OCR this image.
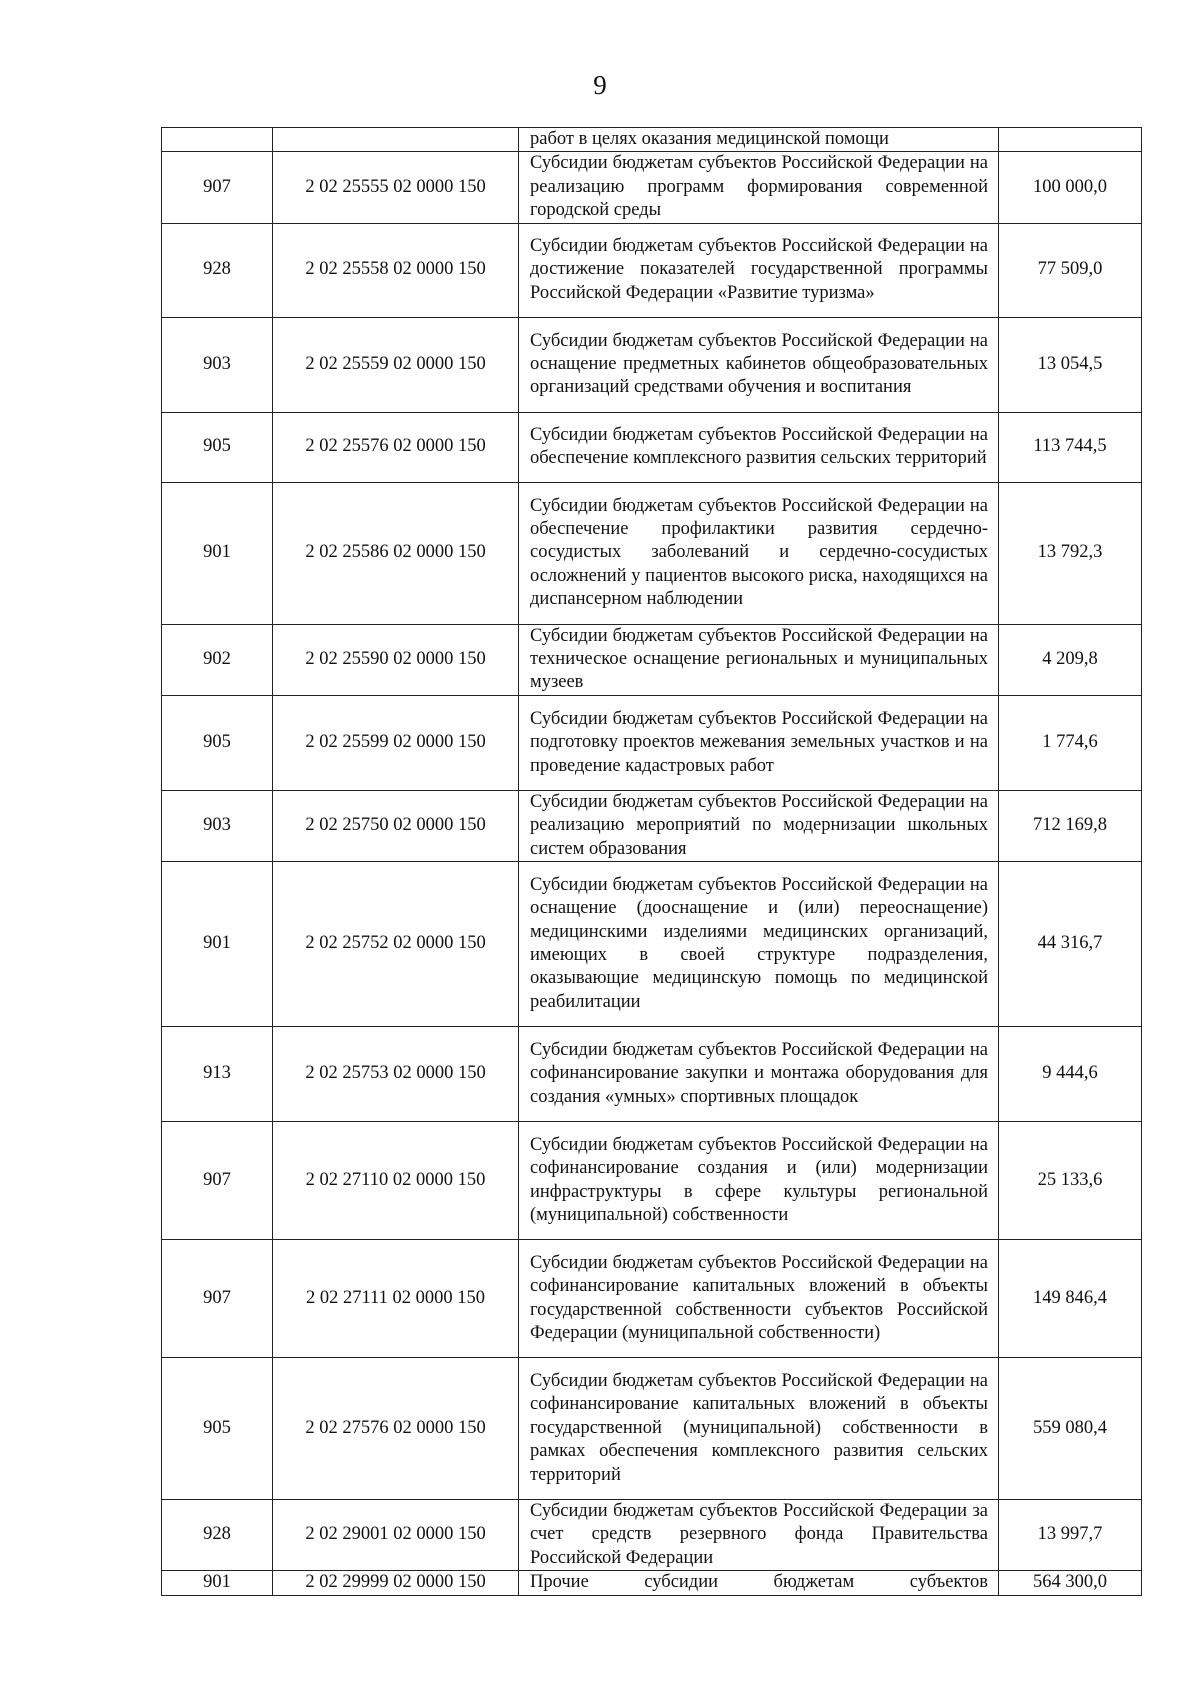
9
		работ в целях оказания медицинской помощи	
907	2 02 25555 02 0000 150	Субсидии бюджетам субъектов Российской Федерации на реализацию программ формирования современной городской среды	100 000,0
928	2 02 25558 02 0000 150	Субсидии бюджетам субъектов Российской Федерации на достижение показателей государственной программы Российской Федерации «Развитие туризма»	77 509,0
903	2 02 25559 02 0000 150	Субсидии бюджетам субъектов Российской Федерации на оснащение предметных кабинетов общеобразовательных организаций средствами обучения и воспитания	13 054,5
905	2 02 25576 02 0000 150	Субсидии бюджетам субъектов Российской Федерации на обеспечение комплексного развития сельских территорий	113 744,5
901	2 02 25586 02 0000 150	Субсидии бюджетам субъектов Российской Федерации на обеспечение профилактики развития сердечно-сосудистых заболеваний и сердечно-сосудистых осложнений у пациентов высокого риска, находящихся на диспансерном наблюдении	13 792,3
902	2 02 25590 02 0000 150	Субсидии бюджетам субъектов Российской Федерации на техническое оснащение региональных и муниципальных музеев	4 209,8
905	2 02 25599 02 0000 150	Субсидии бюджетам субъектов Российской Федерации на подготовку проектов межевания земельных участков и на проведение кадастровых работ	1 774,6
903	2 02 25750 02 0000 150	Субсидии бюджетам субъектов Российской Федерации на реализацию мероприятий по модернизации школьных систем образования	712 169,8
901	2 02 25752 02 0000 150	Субсидии бюджетам субъектов Российской Федерации на оснащение (дооснащение и (или) переоснащение) медицинскими изделиями медицинских организаций, имеющих в своей структуре подразделения, оказывающие медицинскую помощь по медицинской реабилитации	44 316,7
913	2 02 25753 02 0000 150	Субсидии бюджетам субъектов Российской Федерации на софинансирование закупки и монтажа оборудования для создания «умных» спортивных площадок	9 444,6
907	2 02 27110 02 0000 150	Субсидии бюджетам субъектов Российской Федерации на софинансирование создания и (или) модернизации инфраструктуры в сфере культуры региональной (муниципальной) собственности	25 133,6
907	2 02 27111 02 0000 150	Субсидии бюджетам субъектов Российской Федерации на софинансирование капитальных вложений в объекты государственной собственности субъектов Российской Федерации (муниципальной собственности)	149 846,4
905	2 02 27576 02 0000 150	Субсидии бюджетам субъектов Российской Федерации на софинансирование капитальных вложений в объекты государственной (муниципальной) собственности в рамках обеспечения комплексного развития сельских территорий	559 080,4
928	2 02 29001 02 0000 150	Субсидии бюджетам субъектов Российской Федерации за счет средств резервного фонда Правительства Российской Федерации	13 997,7
901	2 02 29999 02 0000 150	Прочие субсидии бюджетам субъектов	564 300,0
